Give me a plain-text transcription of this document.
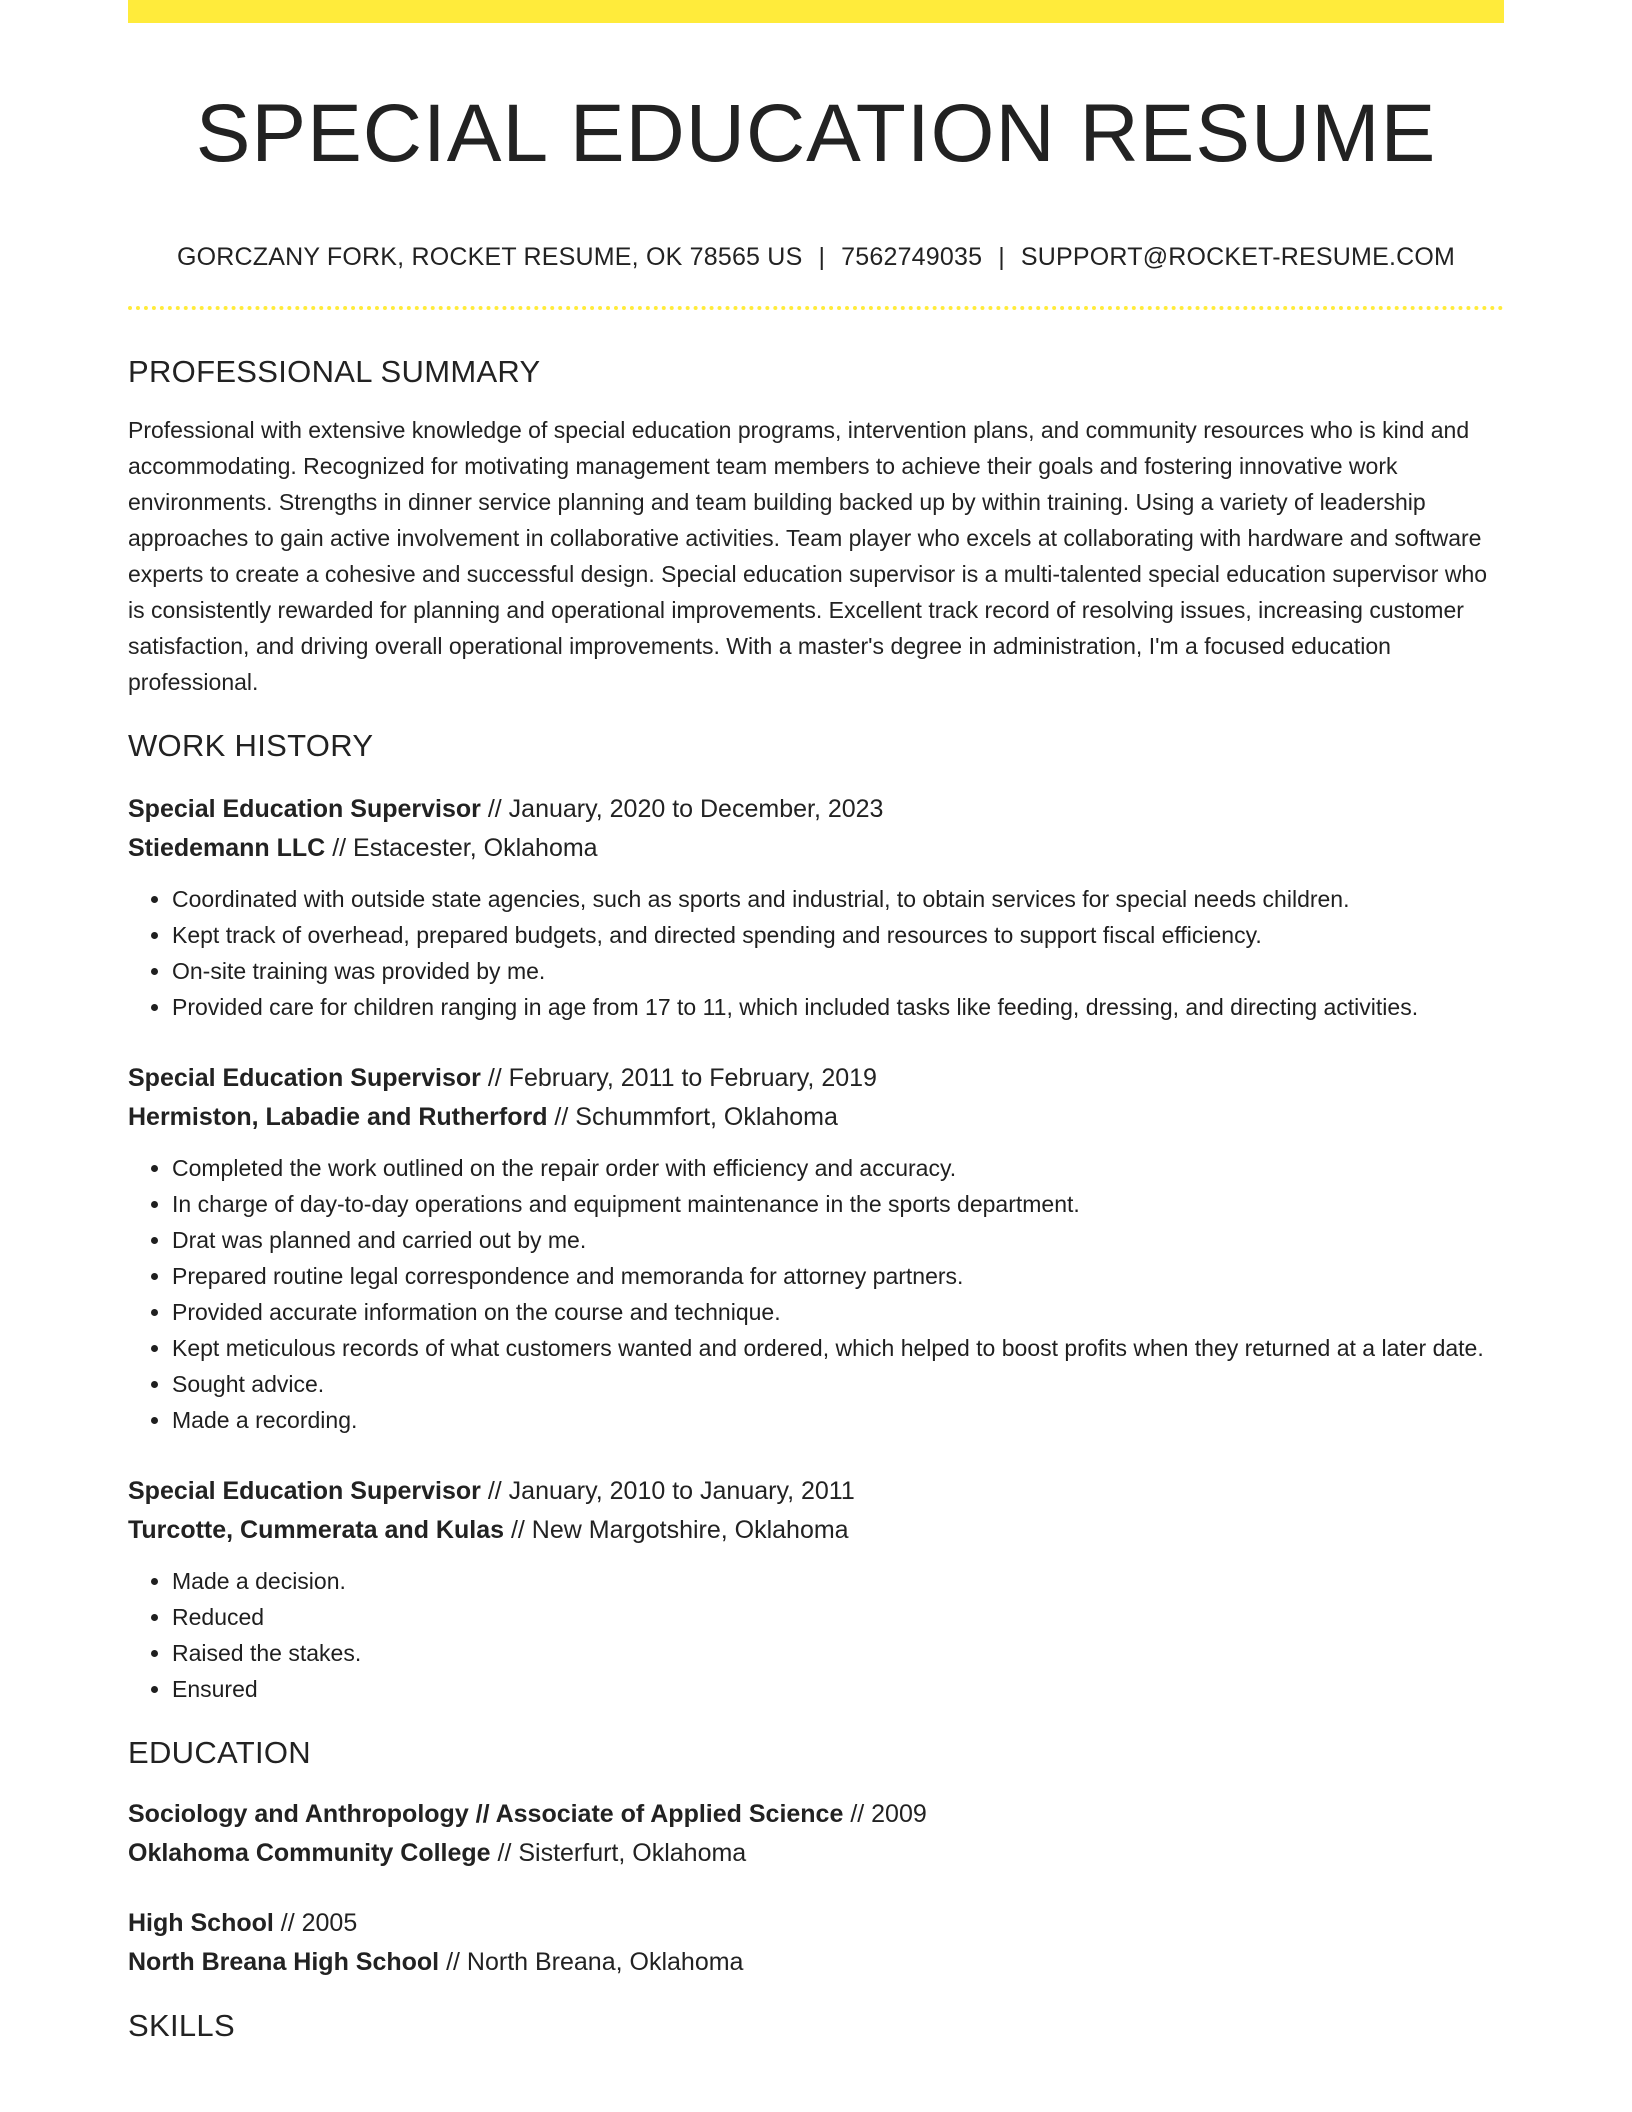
SPECIAL EDUCATION RESUME
GORCZANY FORK, ROCKET RESUME, OK 78565 US | 7562749035 | SUPPORT@ROCKET-RESUME.COM
PROFESSIONAL SUMMARY
Professional with extensive knowledge of special education programs, intervention plans, and community resources who is kind and accommodating. Recognized for motivating management team members to achieve their goals and fostering innovative work environments. Strengths in dinner service planning and team building backed up by within training. Using a variety of leadership approaches to gain active involvement in collaborative activities. Team player who excels at collaborating with hardware and software experts to create a cohesive and successful design. Special education supervisor is a multi-talented special education supervisor who is consistently rewarded for planning and operational improvements. Excellent track record of resolving issues, increasing customer satisfaction, and driving overall operational improvements. With a master's degree in administration, I'm a focused education professional.
WORK HISTORY
Special Education Supervisor // January, 2020 to December, 2023
Stiedemann LLC // Estacester, Oklahoma
• Coordinated with outside state agencies, such as sports and industrial, to obtain services for special needs children.
• Kept track of overhead, prepared budgets, and directed spending and resources to support fiscal efficiency.
• On-site training was provided by me.
• Provided care for children ranging in age from 17 to 11, which included tasks like feeding, dressing, and directing activities.
Special Education Supervisor // February, 2011 to February, 2019
Hermiston, Labadie and Rutherford // Schummfort, Oklahoma
• Completed the work outlined on the repair order with efficiency and accuracy.
• In charge of day-to-day operations and equipment maintenance in the sports department.
• Drat was planned and carried out by me.
• Prepared routine legal correspondence and memoranda for attorney partners.
• Provided accurate information on the course and technique.
• Kept meticulous records of what customers wanted and ordered, which helped to boost profits when they returned at a later date.
• Sought advice.
• Made a recording.
Special Education Supervisor // January, 2010 to January, 2011
Turcotte, Cummerata and Kulas // New Margotshire, Oklahoma
• Made a decision.
• Reduced
• Raised the stakes.
• Ensured
EDUCATION
Sociology and Anthropology // Associate of Applied Science // 2009
Oklahoma Community College // Sisterfurt, Oklahoma
High School // 2005
North Breana High School // North Breana, Oklahoma
SKILLS
